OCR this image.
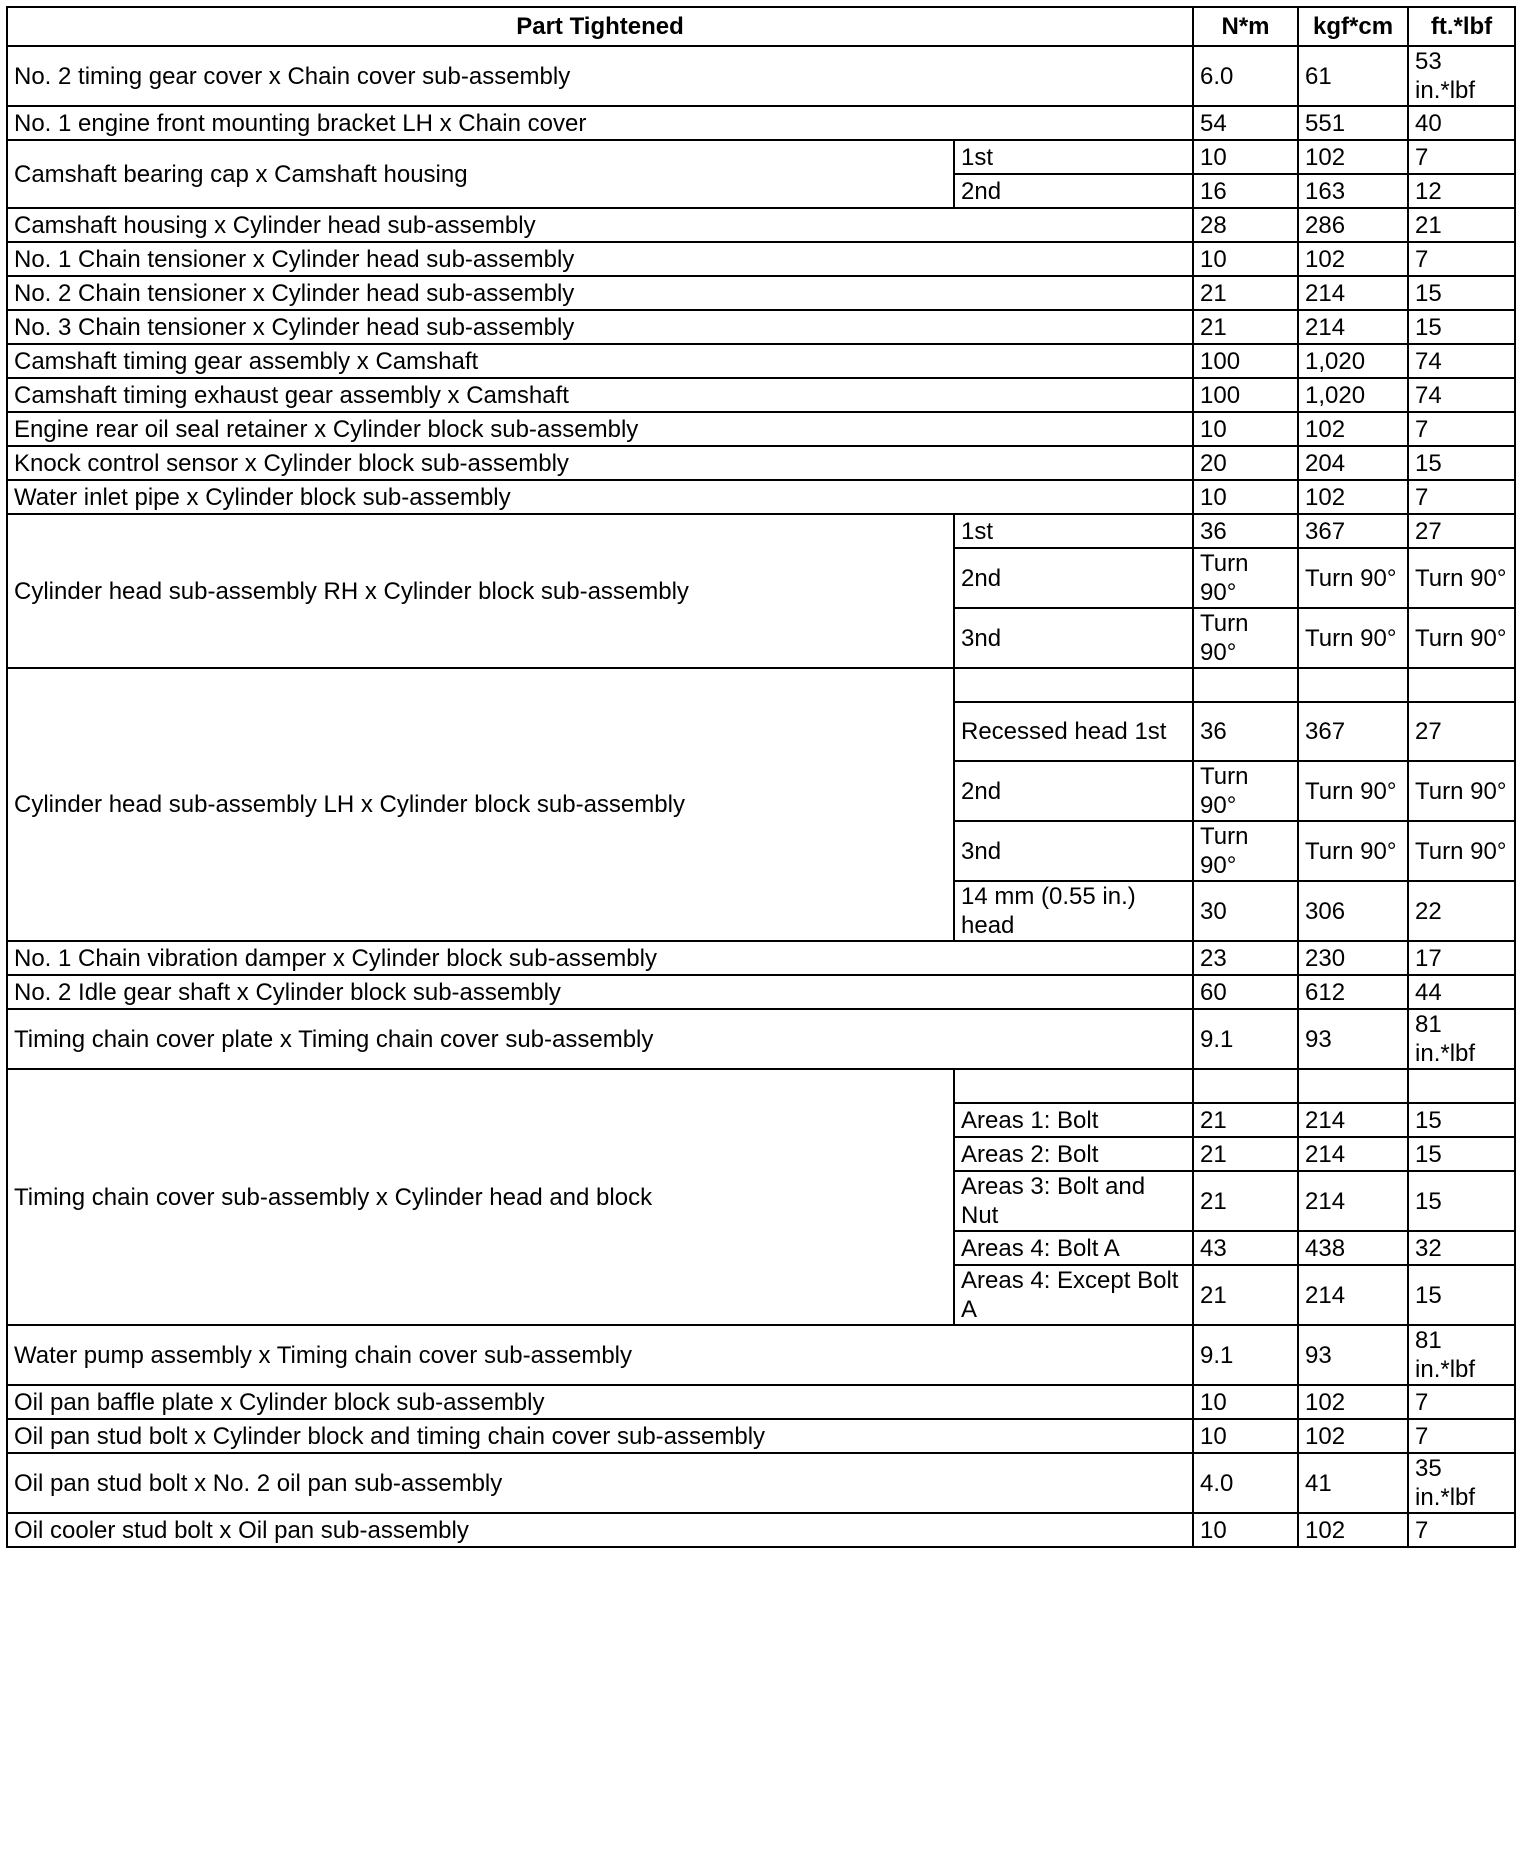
Part Tightened		N*m	kgf*cm	ft.*lbf
No. 2 timing gear cover x Chain cover sub-assembly		6.0	61	53 in.*lbf
No. 1 engine front mounting bracket LH x Chain cover		54	551	40
Camshaft bearing cap x Camshaft housing	1st	10	102	7
	2nd	16	163	12
Camshaft housing x Cylinder head sub-assembly		28	286	21
No. 1 Chain tensioner x Cylinder head sub-assembly		10	102	7
No. 2 Chain tensioner x Cylinder head sub-assembly		21	214	15
No. 3 Chain tensioner x Cylinder head sub-assembly		21	214	15
Camshaft timing gear assembly x Camshaft		100	1,020	74
Camshaft timing exhaust gear assembly x Camshaft		100	1,020	74
Engine rear oil seal retainer x Cylinder block sub-assembly		10	102	7
Knock control sensor x Cylinder block sub-assembly		20	204	15
Water inlet pipe x Cylinder block sub-assembly		10	102	7
Cylinder head sub-assembly RH x Cylinder block sub-assembly	1st	36	367	27
	2nd	Turn 90°	Turn 90°	Turn 90°
	3nd	Turn 90°	Turn 90°	Turn 90°
Cylinder head sub-assembly LH x Cylinder block sub-assembly				
	Recessed head 1st	36	367	27
	2nd	Turn 90°	Turn 90°	Turn 90°
	3nd	Turn 90°	Turn 90°	Turn 90°
	14 mm (0.55 in.) head	30	306	22
No. 1 Chain vibration damper x Cylinder block sub-assembly		23	230	17
No. 2 Idle gear shaft x Cylinder block sub-assembly		60	612	44
Timing chain cover plate x Timing chain cover sub-assembly		9.1	93	81 in.*lbf
Timing chain cover sub-assembly x Cylinder head and block				
	Areas 1: Bolt	21	214	15
	Areas 2: Bolt	21	214	15
	Areas 3: Bolt and Nut	21	214	15
	Areas 4: Bolt A	43	438	32
	Areas 4: Except Bolt A	21	214	15
Water pump assembly x Timing chain cover sub-assembly		9.1	93	81 in.*lbf
Oil pan baffle plate x Cylinder block sub-assembly		10	102	7
Oil pan stud bolt x Cylinder block and timing chain cover sub-assembly		10	102	7
Oil pan stud bolt x No. 2 oil pan sub-assembly		4.0	41	35 in.*lbf
Oil cooler stud bolt x Oil pan sub-assembly		10	102	7
